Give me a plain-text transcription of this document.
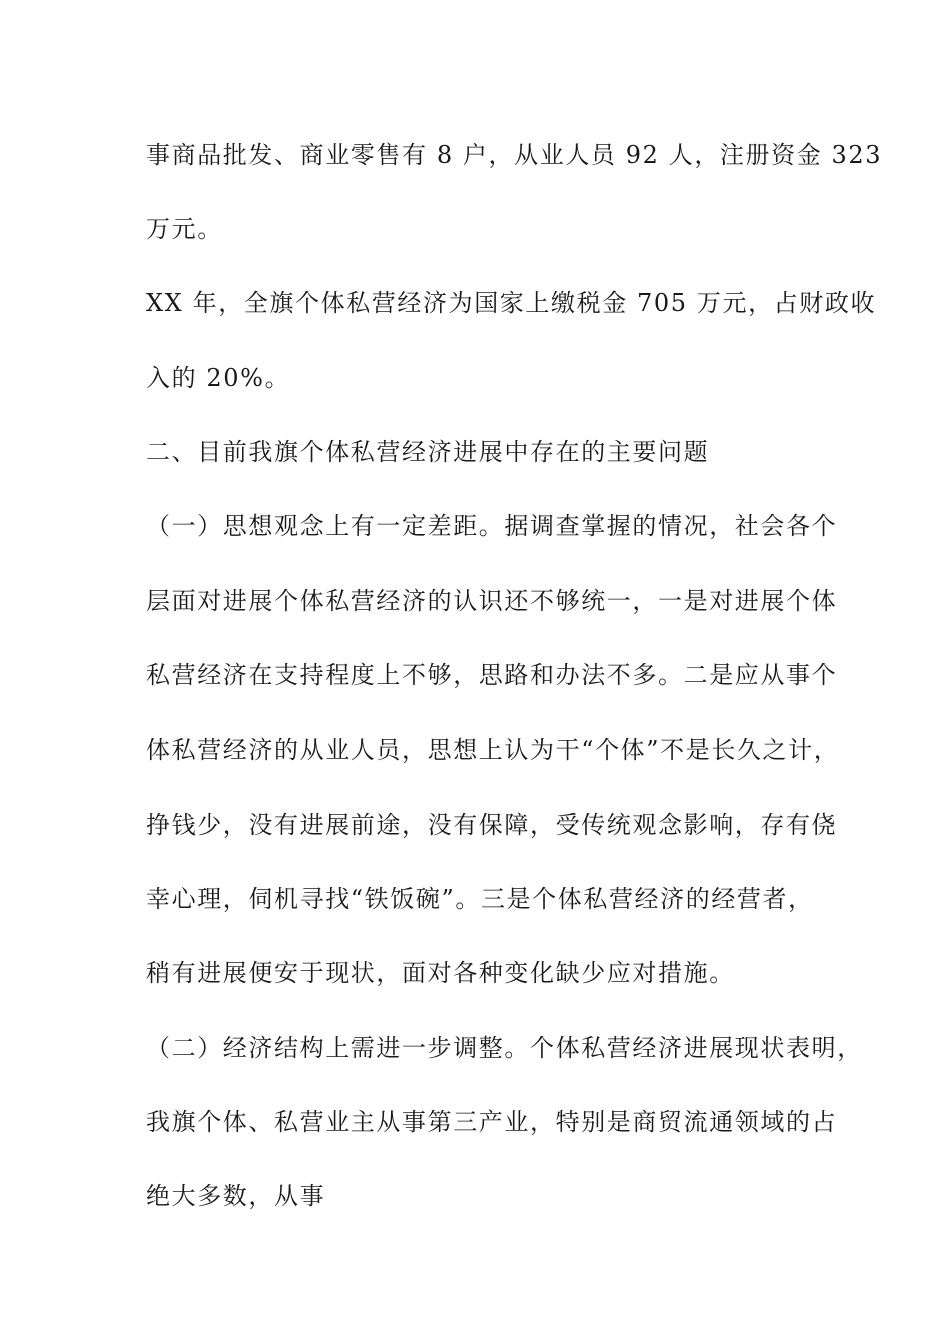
事商品批发、商业零售有 8 户，从业人员 92 人，注册资金 323
万元。
XX 年，全旗个体私营经济为国家上缴税金 705 万元，占财政收
入的 20%。
二、目前我旗个体私营经济进展中存在的主要问题
（一）思想观念上有一定差距。据调查掌握的情况，社会各个
层面对进展个体私营经济的认识还不够统一，一是对进展个体
私营经济在支持程度上不够，思路和办法不多。二是应从事个
体私营经济的从业人员，思想上认为干“个体”不是长久之计，
挣钱少，没有进展前途，没有保障，受传统观念影响，存有侥
幸心理，伺机寻找“铁饭碗”。三是个体私营经济的经营者，
稍有进展便安于现状，面对各种变化缺少应对措施。
（二）经济结构上需进一步调整。个体私营经济进展现状表明，
我旗个体、私营业主从事第三产业，特别是商贸流通领域的占
绝大多数，从事
